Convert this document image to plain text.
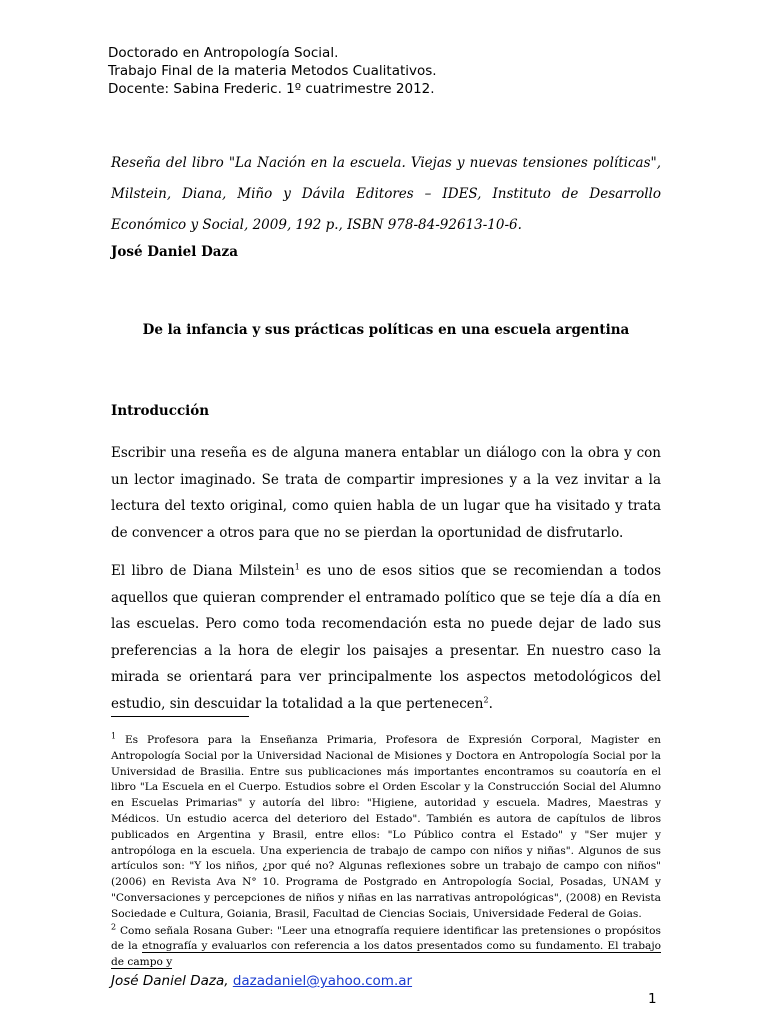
Doctorado en Antropología Social.
Trabajo Final de la materia Metodos Cualitativos.
Docente: Sabina Frederic. 1º cuatrimestre 2012.
Reseña del libro "La Nación en la escuela. Viejas y nuevas tensiones políticas", Milstein, Diana, Miño y Dávila Editores – IDES, Instituto de Desarrollo Económico y Social, 2009, 192 p., ISBN 978-84-92613-10-6.
José Daniel Daza
De la infancia y sus prácticas políticas en una escuela argentina
Introducción
Escribir una reseña es de alguna manera entablar un diálogo con la obra y con un lector imaginado. Se trata de compartir impresiones y a la vez invitar a la lectura del texto original, como quien habla de un lugar que ha visitado y trata de convencer a otros para que no se pierdan la oportunidad de disfrutarlo.
El libro de Diana Milstein$^1$ es uno de esos sitios que se recomiendan a todos aquellos que quieran comprender el entramado político que se teje día a día en las escuelas. Pero como toda recomendación esta no puede dejar de lado sus preferencias a la hora de elegir los paisajes a presentar. En nuestro caso la mirada se orientará para ver principalmente los aspectos metodológicos del estudio, sin descuidar la totalidad a la que pertenecen$^2$.

$^1$ Es Profesora para la Enseñanza Primaria, Profesora de Expresión Corporal, Magister en Antropología Social por la Universidad Nacional de Misiones y Doctora en Antropología Social por la Universidad de Brasilia. Entre sus publicaciones más importantes encontramos su coautoría en el libro "La Escuela en el Cuerpo. Estudios sobre el Orden Escolar y la Construcción Social del Alumno en Escuelas Primarias" y autoría del libro: "Higiene, autoridad y escuela. Madres, Maestras y Médicos. Un estudio acerca del deterioro del Estado". También es autora de capítulos de libros publicados en Argentina y Brasil, entre ellos: "Lo Público contra el Estado" y "Ser mujer y antropóloga en la escuela. Una experiencia de trabajo de campo con niños y niñas". Algunos de sus artículos son: "Y los niños, ¿por qué no? Algunas reflexiones sobre un trabajo de campo con niños" (2006) en Revista Ava N° 10. Programa de Postgrado en Antropología Social, Posadas, UNAM y "Conversaciones y percepciones de niños y niñas en las narrativas antropológicas", (2008) en Revista Sociedade e Cultura, Goiania, Brasil, Facultad de Ciencias Sociais, Universidade Federal de Goias.

$^2$ Como señala Rosana Guber: "Leer una etnografía requiere identificar las pretensiones o propósitos de la etnografía y evaluarlos con referencia a los datos presentados como su fundamento. El trabajo de campo y

José Daniel Daza, dazadaniel@yahoo.com.ar
1
